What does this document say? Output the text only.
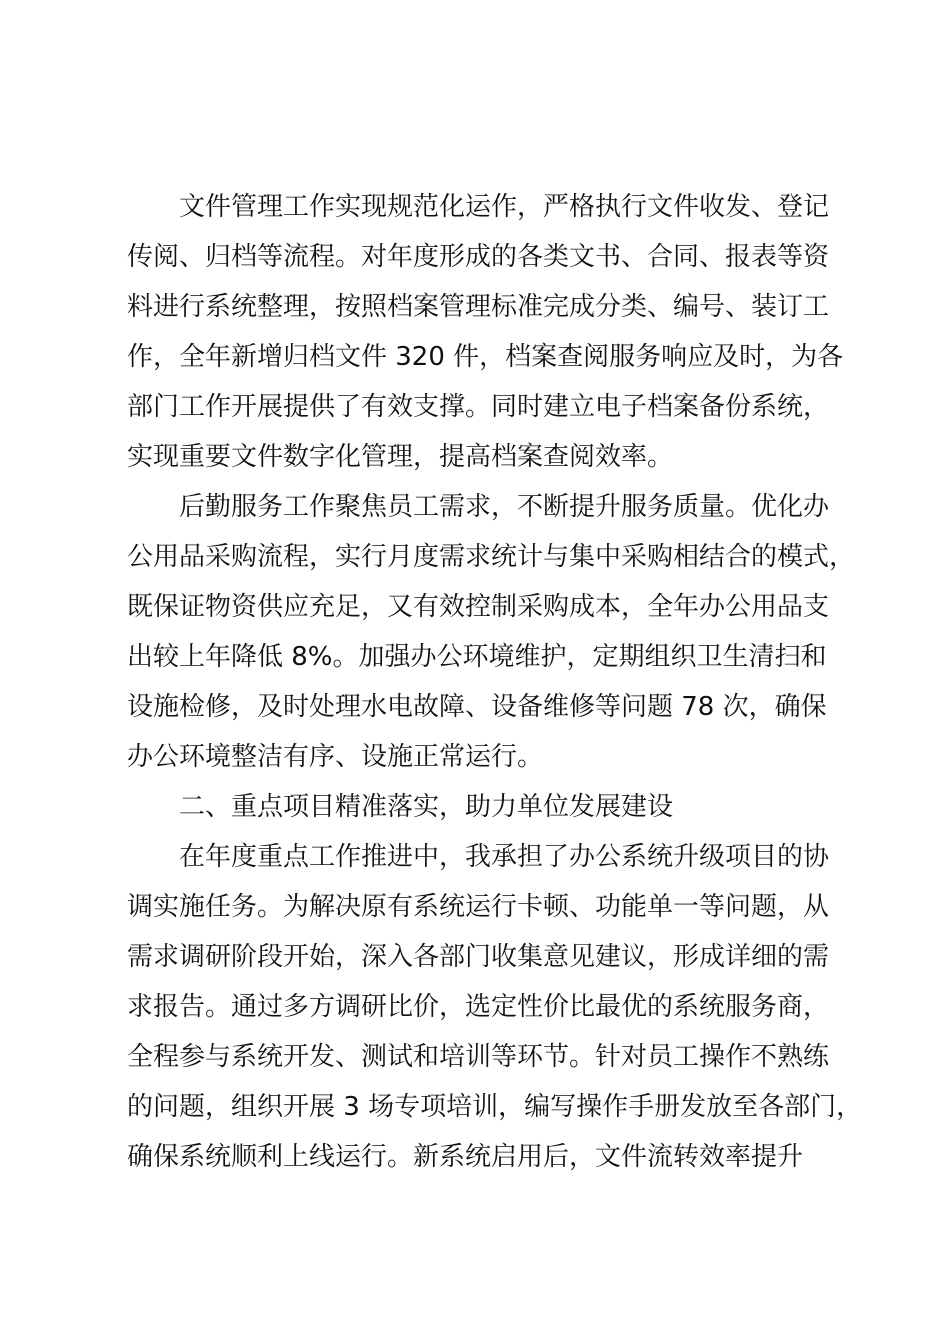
文件管理工作实现规范化运作，严格执行文件收发、登记
传阅、归档等流程。对年度形成的各类文书、合同、报表等资
料进行系统整理，按照档案管理标准完成分类、编号、装订工
作，全年新增归档文件 320 件，档案查阅服务响应及时，为各
部门工作开展提供了有效支撑。同时建立电子档案备份系统，
实现重要文件数字化管理，提高档案查阅效率。
后勤服务工作聚焦员工需求，不断提升服务质量。优化办
公用品采购流程，实行月度需求统计与集中采购相结合的模式，
既保证物资供应充足，又有效控制采购成本，全年办公用品支
出较上年降低 8%。加强办公环境维护，定期组织卫生清扫和
设施检修，及时处理水电故障、设备维修等问题 78 次，确保
办公环境整洁有序、设施正常运行。
二、重点项目精准落实，助力单位发展建设
在年度重点工作推进中，我承担了办公系统升级项目的协
调实施任务。为解决原有系统运行卡顿、功能单一等问题，从
需求调研阶段开始，深入各部门收集意见建议，形成详细的需
求报告。通过多方调研比价，选定性价比最优的系统服务商，
全程参与系统开发、测试和培训等环节。针对员工操作不熟练
的问题，组织开展 3 场专项培训，编写操作手册发放至各部门，
确保系统顺利上线运行。新系统启用后，文件流转效率提升
